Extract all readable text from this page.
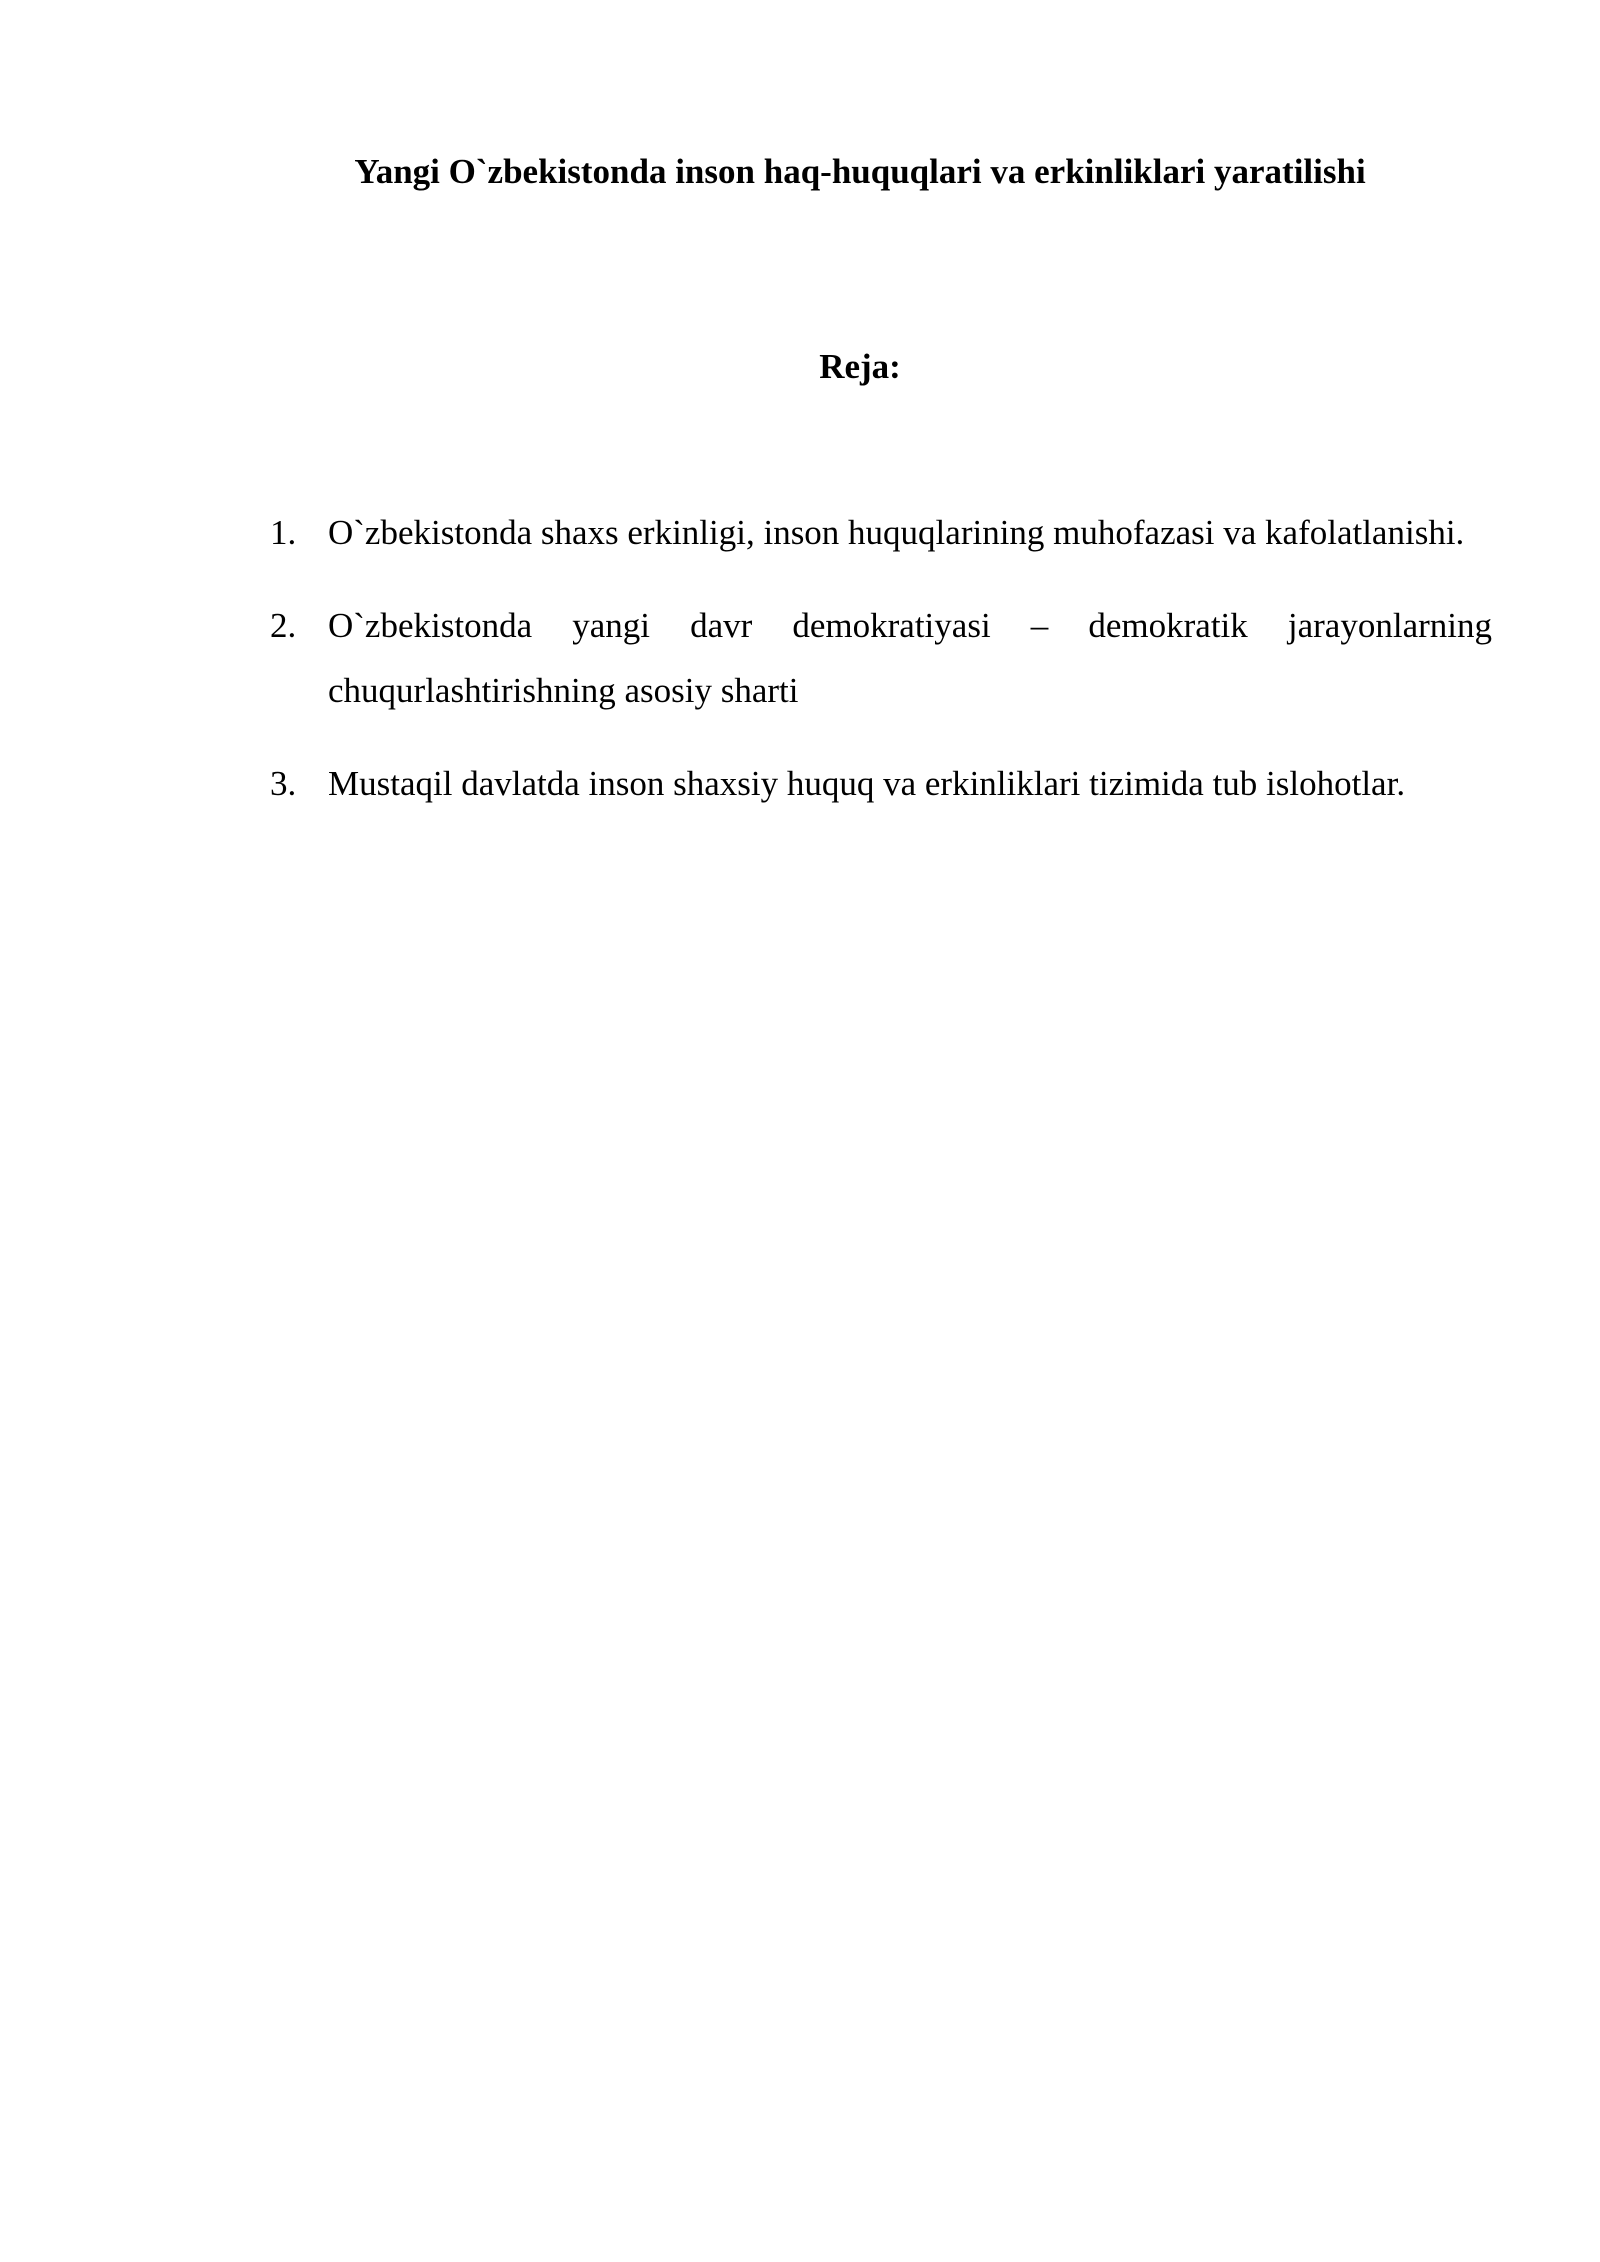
Yangi O`zbekistonda inson haq-huquqlari va erkinliklari yaratilishi
Reja:
1. O`zbekistonda shaxs erkinligi, inson huquqlarining muhofazasi va kafolatlanishi.
2. O`zbekistonda yangi davr demokratiyasi – demokratik jarayonlarning chuqurlashtirishning asosiy sharti
3. Mustaqil davlatda inson shaxsiy huquq va erkinliklari tizimida tub islohotlar.
